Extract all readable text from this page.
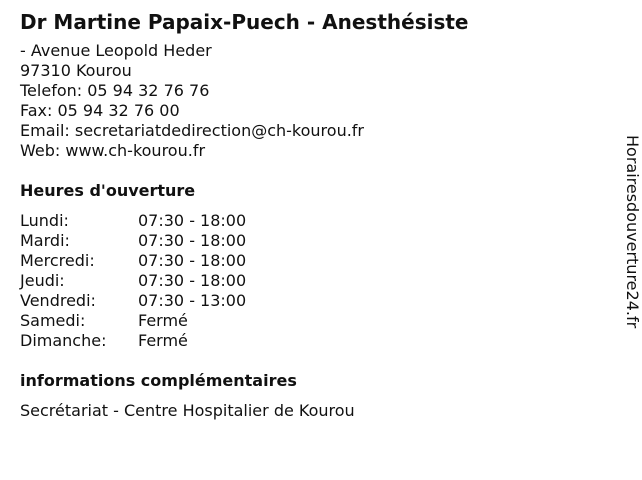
Dr Martine Papaix-Puech - Anesthésiste
- Avenue Leopold Heder
97310 Kourou
Telefon: 05 94 32 76 76
Fax: 05 94 32 76 00
Email: secretariatdedirection@ch-kourou.fr
Web: www.ch-kourou.fr
Heures d'ouverture
Lundi:	07:30 - 18:00
Mardi:	07:30 - 18:00
Mercredi:	07:30 - 18:00
Jeudi:	07:30 - 18:00
Vendredi:	07:30 - 13:00
Samedi:	Fermé
Dimanche:	Fermé
informations complémentaires
Secrétariat - Centre Hospitalier de Kourou
Horairesdouverture24.fr
